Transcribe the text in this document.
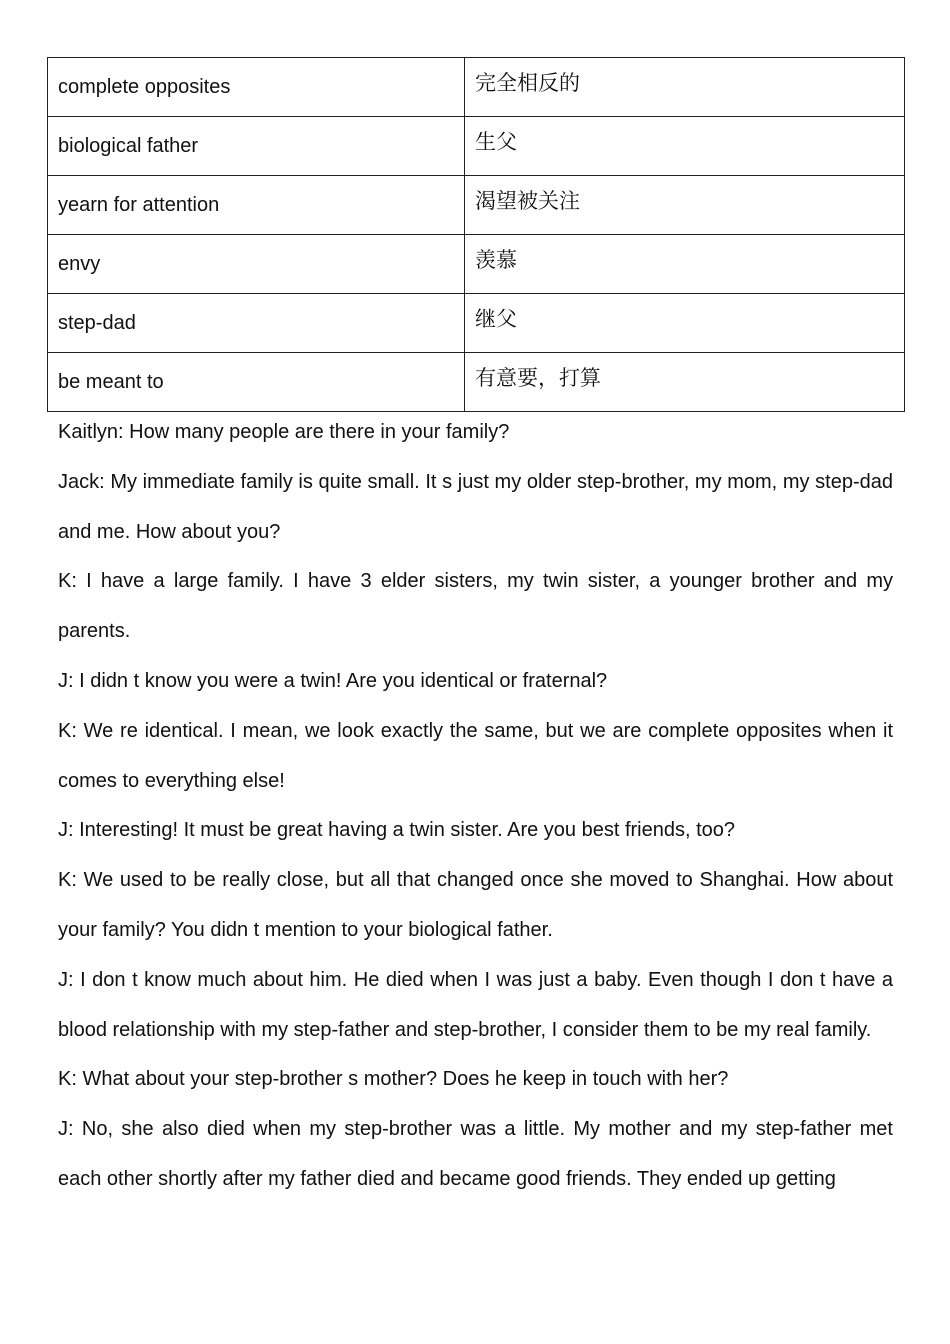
complete opposites	完全相反的
biological father	生父
yearn for attention	渴望被关注
envy	羡慕
step-dad	继父
be meant to	有意要，打算

Kaitlyn: How many people are there in your family?

Jack: My immediate family is quite small. It s just my older step-brother, my mom, my step-dad and me. How about you?

K: I have a large family. I have 3 elder sisters, my twin sister, a younger brother and my parents.

J: I didn t know you were a twin! Are you identical or fraternal?

K: We re identical. I mean, we look exactly the same, but we are complete opposites when it comes to everything else!

J: Interesting! It must be great having a twin sister. Are you best friends, too?

K: We used to be really close, but all that changed once she moved to Shanghai. How about your family? You didn t mention to your biological father.

J: I don t know much about him. He died when I was just a baby. Even though I don t have a blood relationship with my step-father and step-brother, I consider them to be my real family.

K: What about your step-brother s mother? Does he keep in touch with her?

J: No, she also died when my step-brother was a little. My mother and my step-father met each other shortly after my father died and became good friends. They ended up getting
